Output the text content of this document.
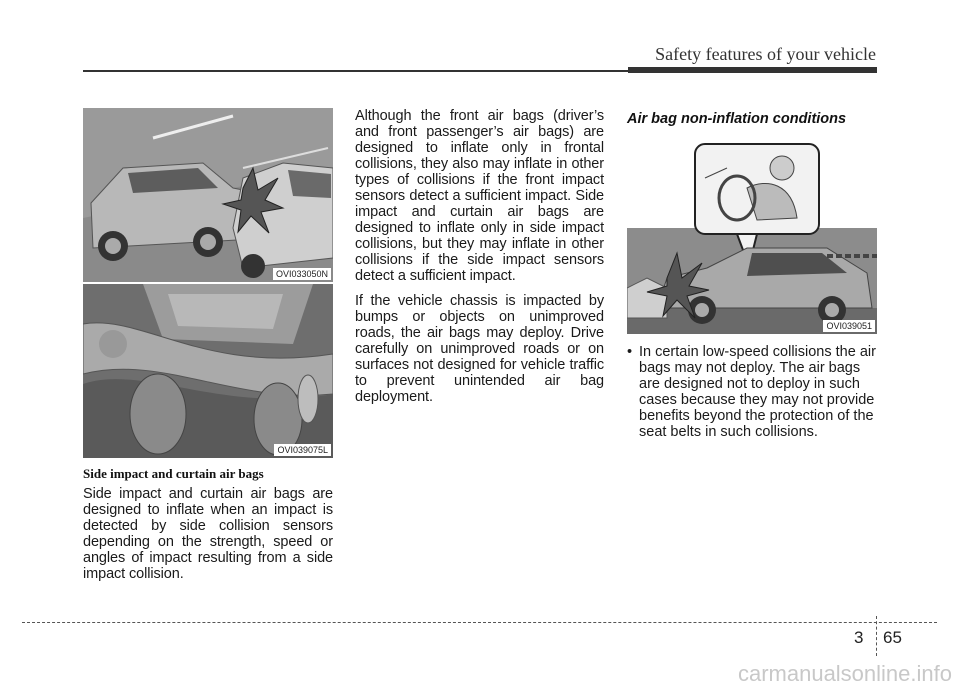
Safety features of your vehicle
OVI033050N
OVI039075L
Side impact and curtain air bags

Side impact and curtain air bags are designed to inflate when an impact is detected by side collision sensors depending on the strength, speed or angles of impact resulting from a side impact collision.

Although the front air bags (driver’s and front passenger’s air bags) are designed to inflate only in frontal collisions, they also may inflate in other types of collisions if the front impact sensors detect a sufficient impact. Side impact and curtain air bags are designed to inflate only in side impact collisions, but they may inflate in other collisions if the side impact sensors detect a sufficient impact.

If the vehicle chassis is impacted by bumps or objects on unimproved roads, the air bags may deploy. Drive carefully on unimproved roads or on surfaces not designed for vehicle traffic to prevent unintended air bag deployment.

Air bag non-inflation conditions
OVI039051
• In certain low-speed collisions the air bags may not deploy. The air bags are designed not to deploy in such cases because they may not provide benefits beyond the protection of the seat belts in such collisions.
3 65
carmanualsonline.info
